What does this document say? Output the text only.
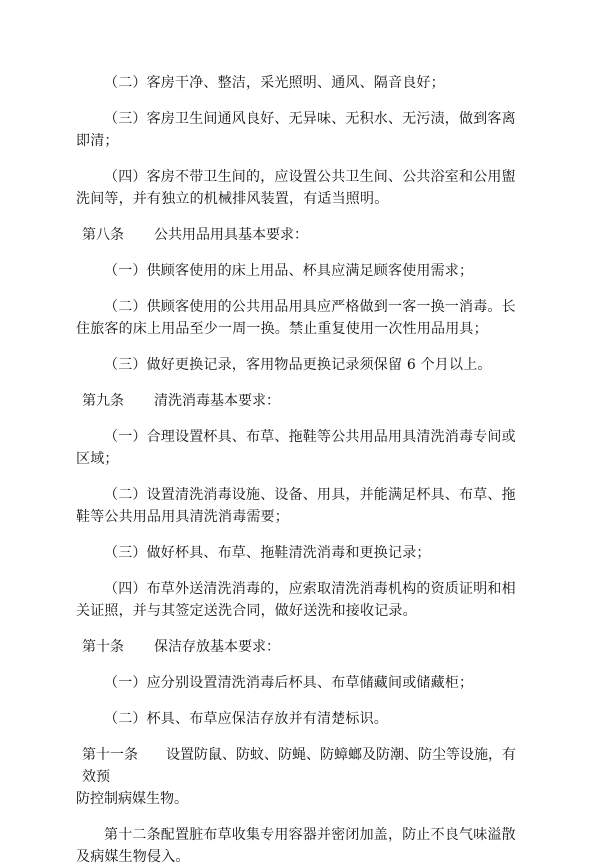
（二）客房干净、整洁，采光照明、通风、隔音良好；

（三）客房卫生间通风良好、无异味、无积水、无污渍，做到客离即清；

（四）客房不带卫生间的，应设置公共卫生间、公共浴室和公用盥洗间等，并有独立的机械排风装置，有适当照明。

第八条 公共用品用具基本要求：

（一）供顾客使用的床上用品、杯具应满足顾客使用需求；

（二）供顾客使用的公共用品用具应严格做到一客一换一消毒。长住旅客的床上用品至少一周一换。禁止重复使用一次性用品用具；

（三）做好更换记录，客用物品更换记录须保留 6 个月以上。

第九条 清洗消毒基本要求：

（一）合理设置杯具、布草、拖鞋等公共用品用具清洗消毒专间或区域；

（二）设置清洗消毒设施、设备、用具，并能满足杯具、布草、拖鞋等公共用品用具清洗消毒需要；

（三）做好杯具、布草、拖鞋清洗消毒和更换记录；

（四）布草外送清洗消毒的，应索取清洗消毒机构的资质证明和相关证照，并与其签定送洗合同，做好送洗和接收记录。

第十条 保洁存放基本要求：

（一）应分别设置清洗消毒后杯具、布草储藏间或储藏柜；

（二）杯具、布草应保洁存放并有清楚标识。

第十一条 设置防鼠、防蚊、防蝇、防蟑螂及防潮、防尘等设施，有效预
防控制病媒生物。

第十二条配置脏布草收集专用容器并密闭加盖，防止不良气味溢散及病媒生物侵入。
